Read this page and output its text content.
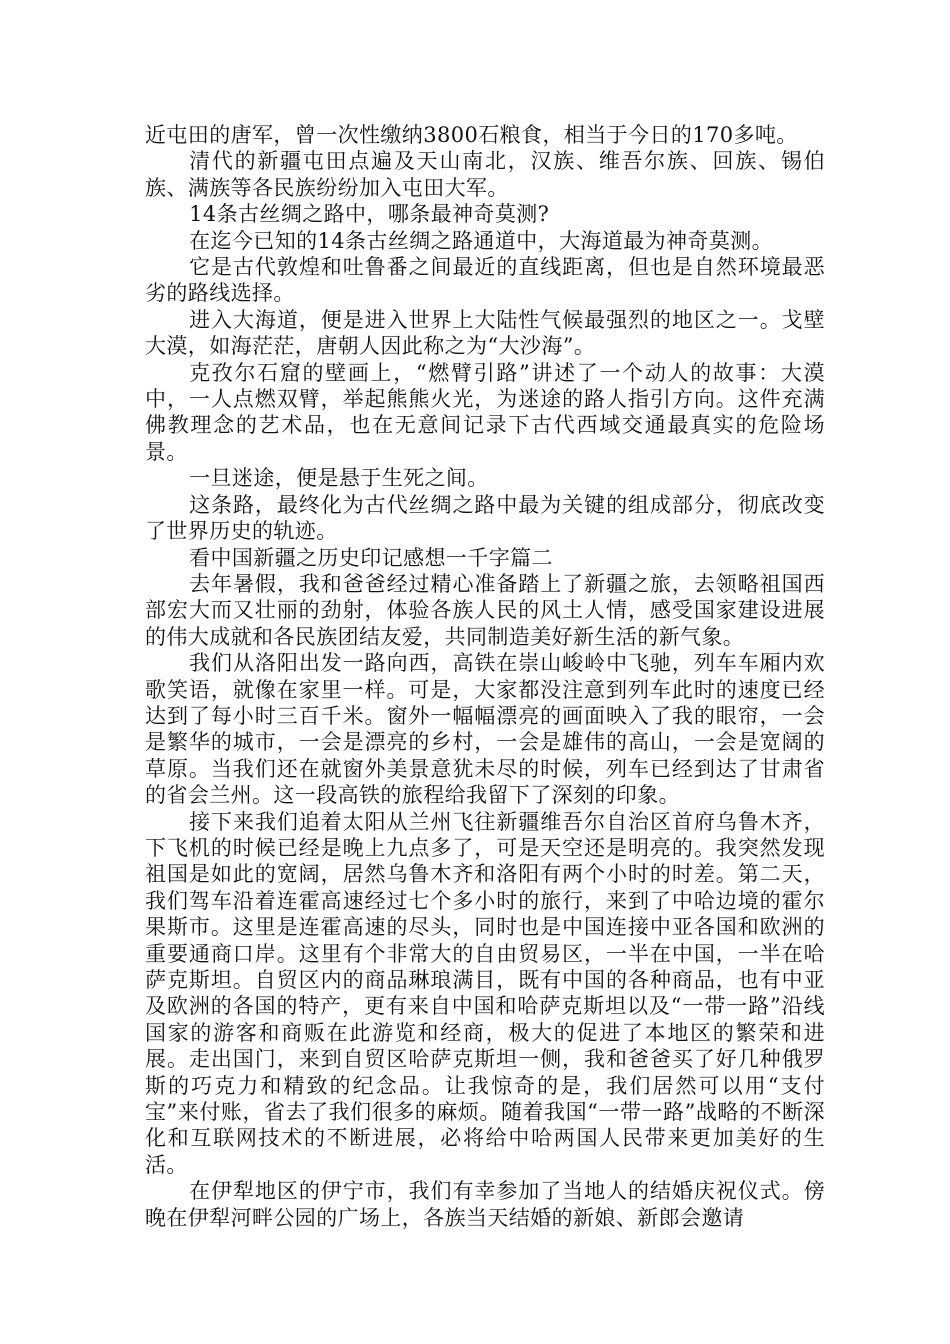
近屯田的唐军，曾一次性缴纳3800石粮食，相当于今日的170多吨。

清代的新疆屯田点遍及天山南北，汉族、维吾尔族、回族、锡伯族、满族等各民族纷纷加入屯田大军。

14条古丝绸之路中，哪条最神奇莫测?

在迄今已知的14条古丝绸之路通道中，大海道最为神奇莫测。

它是古代敦煌和吐鲁番之间最近的直线距离，但也是自然环境最恶劣的路线选择。

进入大海道，便是进入世界上大陆性气候最强烈的地区之一。戈壁大漠，如海茫茫，唐朝人因此称之为“大沙海”。

克孜尔石窟的壁画上，“燃臂引路”讲述了一个动人的故事：大漠中，一人点燃双臂，举起熊熊火光，为迷途的路人指引方向。这件充满佛教理念的艺术品，也在无意间记录下古代西域交通最真实的危险场景。

一旦迷途，便是悬于生死之间。

这条路，最终化为古代丝绸之路中最为关键的组成部分，彻底改变了世界历史的轨迹。

看中国新疆之历史印记感想一千字篇二

去年暑假，我和爸爸经过精心准备踏上了新疆之旅，去领略祖国西部宏大而又壮丽的劲射，体验各族人民的风土人情，感受国家建设进展的伟大成就和各民族团结友爱，共同制造美好新生活的新气象。

我们从洛阳出发一路向西，高铁在崇山峻岭中飞驰，列车车厢内欢歌笑语，就像在家里一样。可是，大家都没注意到列车此时的速度已经达到了每小时三百千米。窗外一幅幅漂亮的画面映入了我的眼帘，一会是繁华的城市，一会是漂亮的乡村，一会是雄伟的高山，一会是宽阔的草原。当我们还在就窗外美景意犹未尽的时候，列车已经到达了甘肃省的省会兰州。这一段高铁的旅程给我留下了深刻的印象。

接下来我们追着太阳从兰州飞往新疆维吾尔自治区首府乌鲁木齐，下飞机的时候已经是晚上九点多了，可是天空还是明亮的。我突然发现祖国是如此的宽阔，居然乌鲁木齐和洛阳有两个小时的时差。第二天，我们驾车沿着连霍高速经过七个多小时的旅行，来到了中哈边境的霍尔果斯市。这里是连霍高速的尽头，同时也是中国连接中亚各国和欧洲的重要通商口岸。这里有个非常大的自由贸易区，一半在中国，一半在哈萨克斯坦。自贸区内的商品琳琅满目，既有中国的各种商品，也有中亚及欧洲的各国的特产，更有来自中国和哈萨克斯坦以及“一带一路”沿线国家的游客和商贩在此游览和经商，极大的促进了本地区的繁荣和进展。走出国门，来到自贸区哈萨克斯坦一侧，我和爸爸买了好几种俄罗斯的巧克力和精致的纪念品。让我惊奇的是，我们居然可以用“支付宝”来付账，省去了我们很多的麻烦。随着我国“一带一路”战略的不断深化和互联网技术的不断进展，必将给中哈两国人民带来更加美好的生活。

在伊犁地区的伊宁市，我们有幸参加了当地人的结婚庆祝仪式。傍晚在伊犁河畔公园的广场上，各族当天结婚的新娘、新郎会邀请
